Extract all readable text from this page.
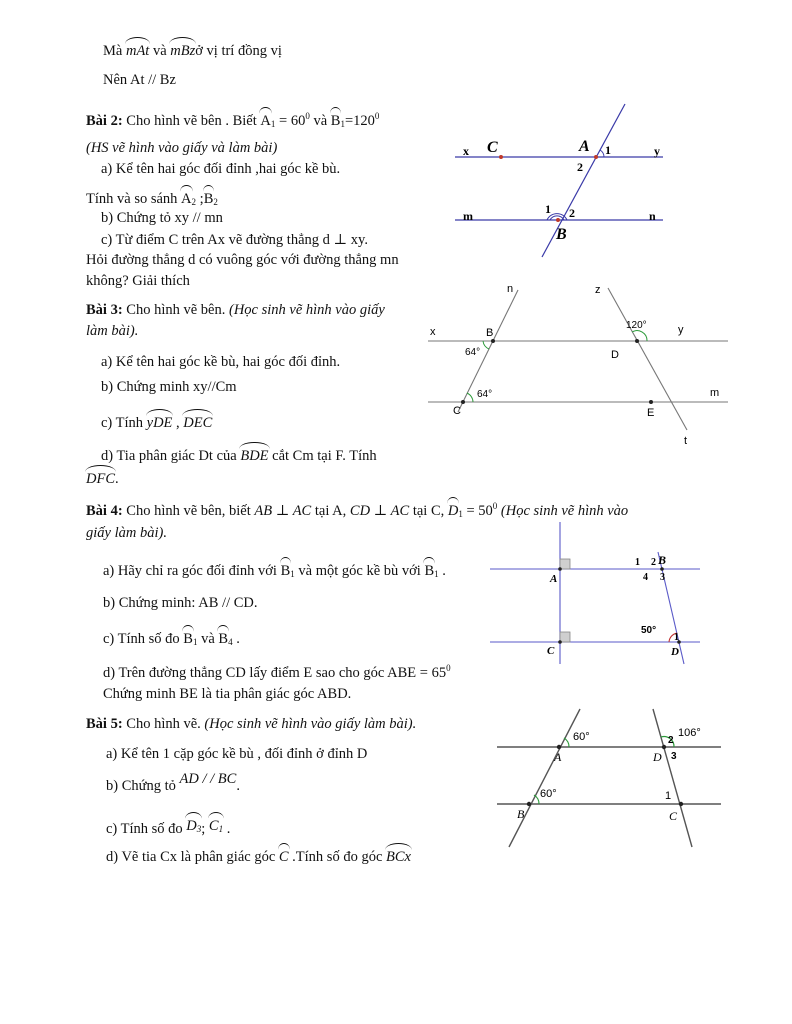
Mà mAt và mBzở vị trí đồng vị
Nên At // Bz
Bài 2: Cho hình vẽ bên . Biết $A_1 = 60^0$ và $B_1=120^0$
(HS vẽ hình vào giấy và làm bài)
a) Kể tên hai góc đối đỉnh ,hai góc kề bù.
Tính và so sánh $A_2$ $;B_2$
b) Chứng tỏ xy // mn
c) Từ điểm C trên Ax vẽ đường thẳng d ⊥ xy.
Hỏi đường thẳng d có vuông góc với đường thẳng mn
không? Giải thích
x C	A 1
2
y
m	1 2	n
B
Bài 3: Cho hình vẽ bên. (Học sinh vẽ hình vào giấy
làm bài).
a) Kể tên hai góc kề bù, hai góc đối đỉnh.
b) Chứng minh xy//Cm
c) Tính yDE , DEC
d) Tia phân giác Dt của BDE cắt Cm tại F. Tính
DFC.
n	z
x	B
120°	y
64°	D
64°	m
C	E
t
Bài 4: Cho hình vẽ bên, biết AB ⊥ AC tại A, CD ⊥ AC tại C, $D_1 = 50^0$ (Học sinh vẽ hình vào
giấy làm bài).
a) Hãy chỉ ra góc đối đỉnh với $B_1$ và một góc kề bù với $B_1$ .
b) Chứng minh: AB // CD.
c) Tính số đo $B_1$ và $B_4$ .
d) Trên đường thẳng CD lấy điểm E sao cho góc ABE = $65^0$
Chứng minh BE là tia phân giác góc ABD.
1 2 B
A	4 3
50°
1
C	D
Bài 5: Cho hình vẽ. (Học sinh vẽ hình vào giấy làm bài).
a) Kể tên 1 cặp góc kề bù , đối đỉnh ở đỉnh D
b) Chứng tỏ AD / / BC.
c) Tính số đo $D_3$; $C_1$ .
d) Vẽ tia Cx là phân giác góc C .Tính số đo góc BCx
60°	106°
2
A	D 3
60°	1
B	C
